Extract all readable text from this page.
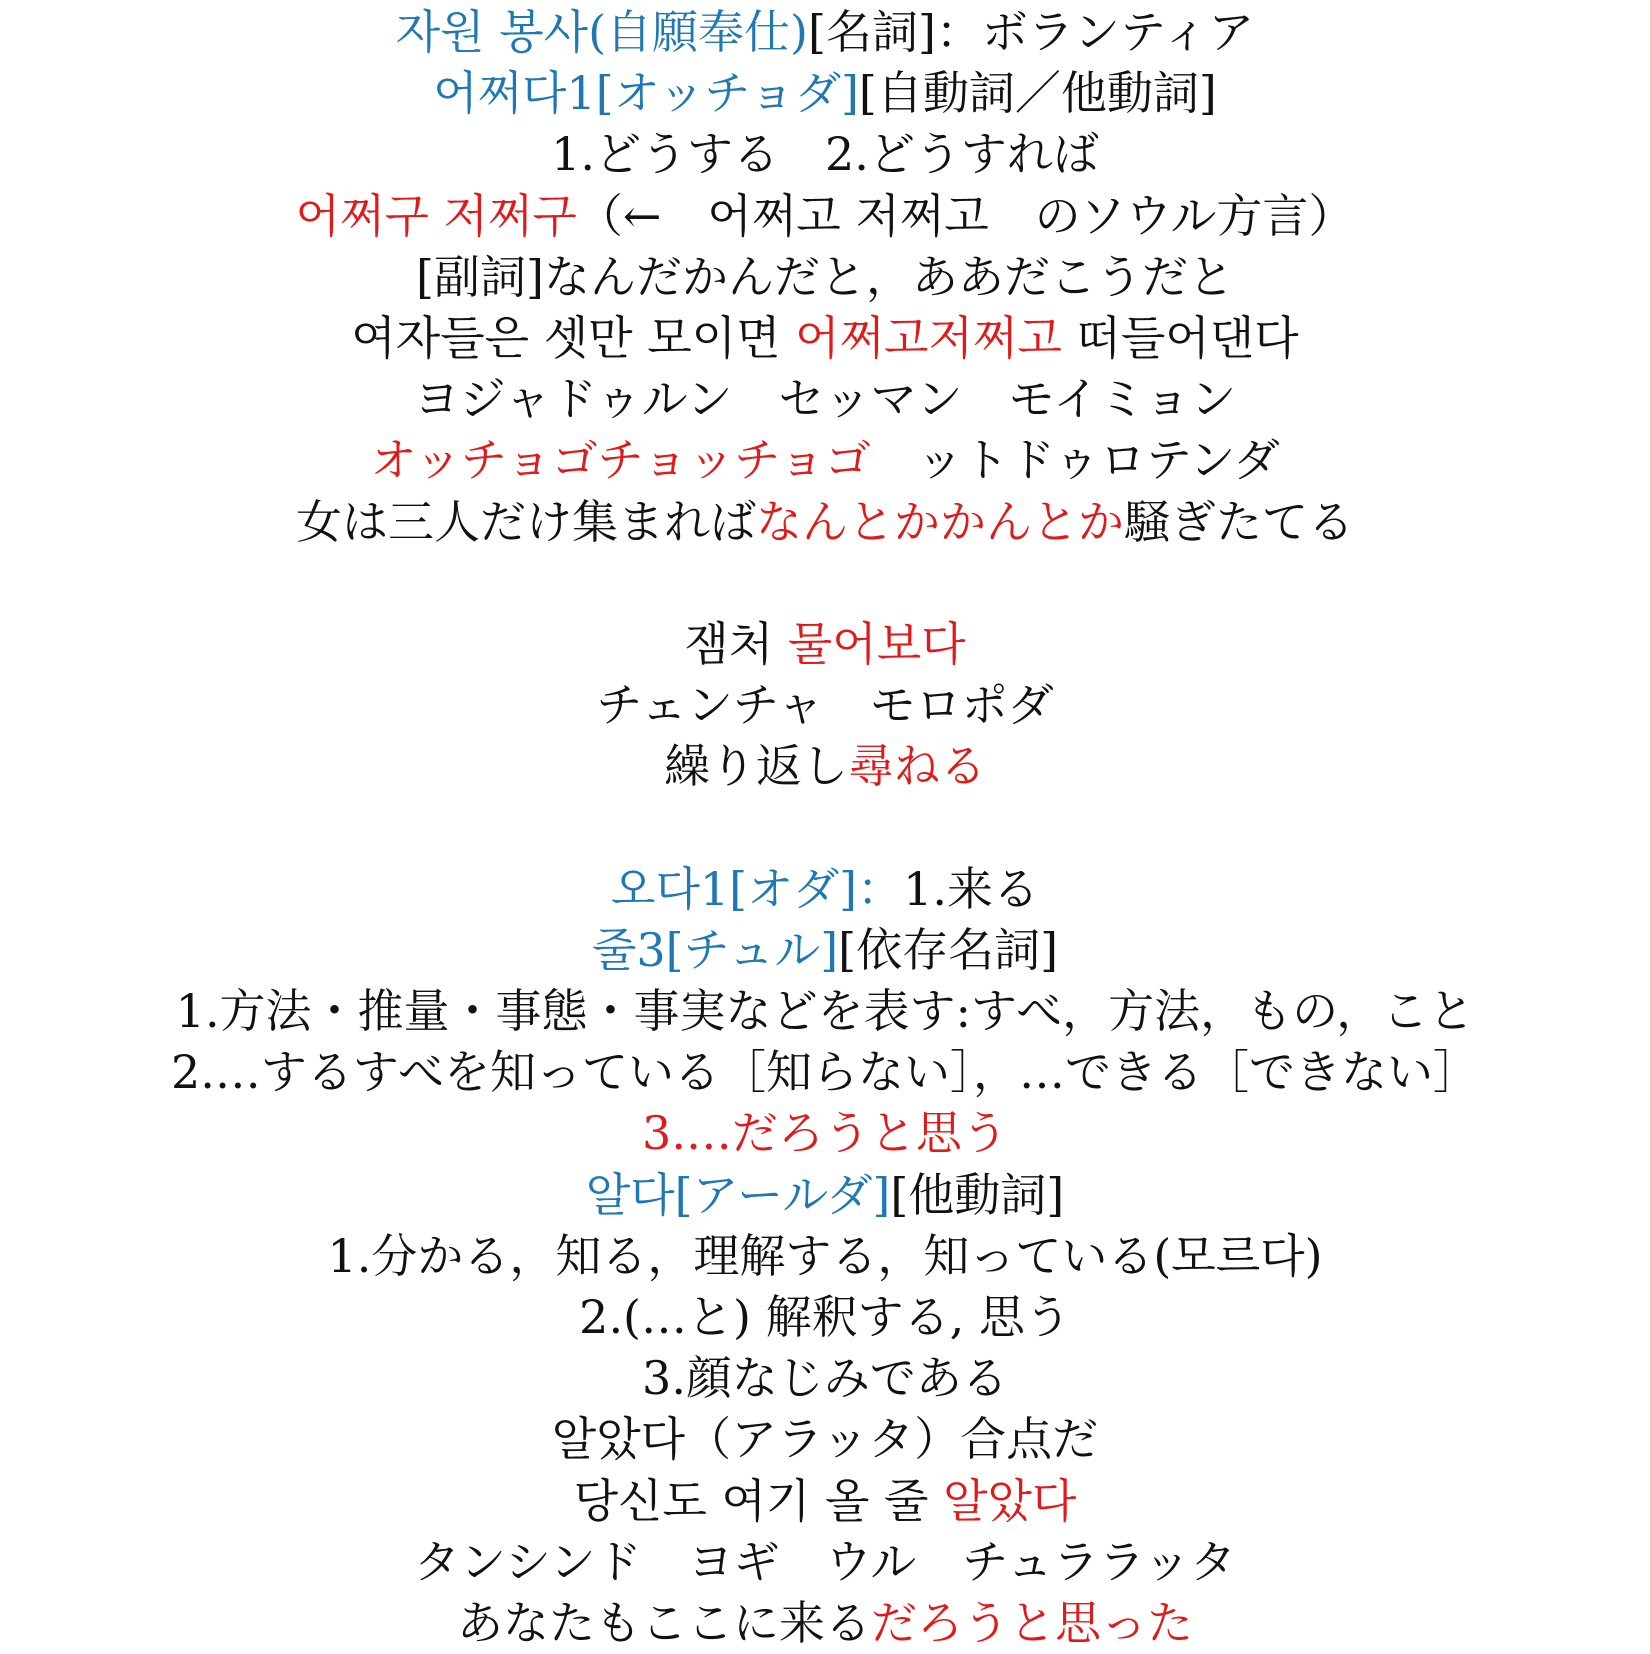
자원 봉사(自願奉仕)[名詞]：ボランティア
어쩌다1[オッチョダ][自動詞／他動詞]
1.どうする　2.どうすれば
어쩌구 저쩌구（←　어쩌고 저쩌고　のソウル方言）
[副詞]なんだかんだと，ああだこうだと
여자들은 셋만 모이면 어쩌고저쩌고 떠들어댄다
ヨジャドゥルン　セッマン　モイミョン
オッチョゴチョッチョゴ　ットドゥロテンダ
女は三人だけ集まればなんとかかんとか騒ぎたてる
잼처 물어보다
チェンチャ　モロポダ
繰り返し尋ねる
오다1[オダ]：1.来る
줄3[チュル][依存名詞]
1.方法・推量・事態・事実などを表す:すべ，方法，もの，こと
2.…するすべを知っている［知らない］，…できる［できない］
3.…だろうと思う
알다[アールダ][他動詞]
1.分かる，知る，理解する，知っている(모르다)
2.(…と) 解釈する, 思う
3.顔なじみである
알았다（アラッタ）合点だ
당신도 여기 올 줄 알았다
タンシンド　ヨギ　ウル　チュララッタ
あなたもここに来るだろうと思った
